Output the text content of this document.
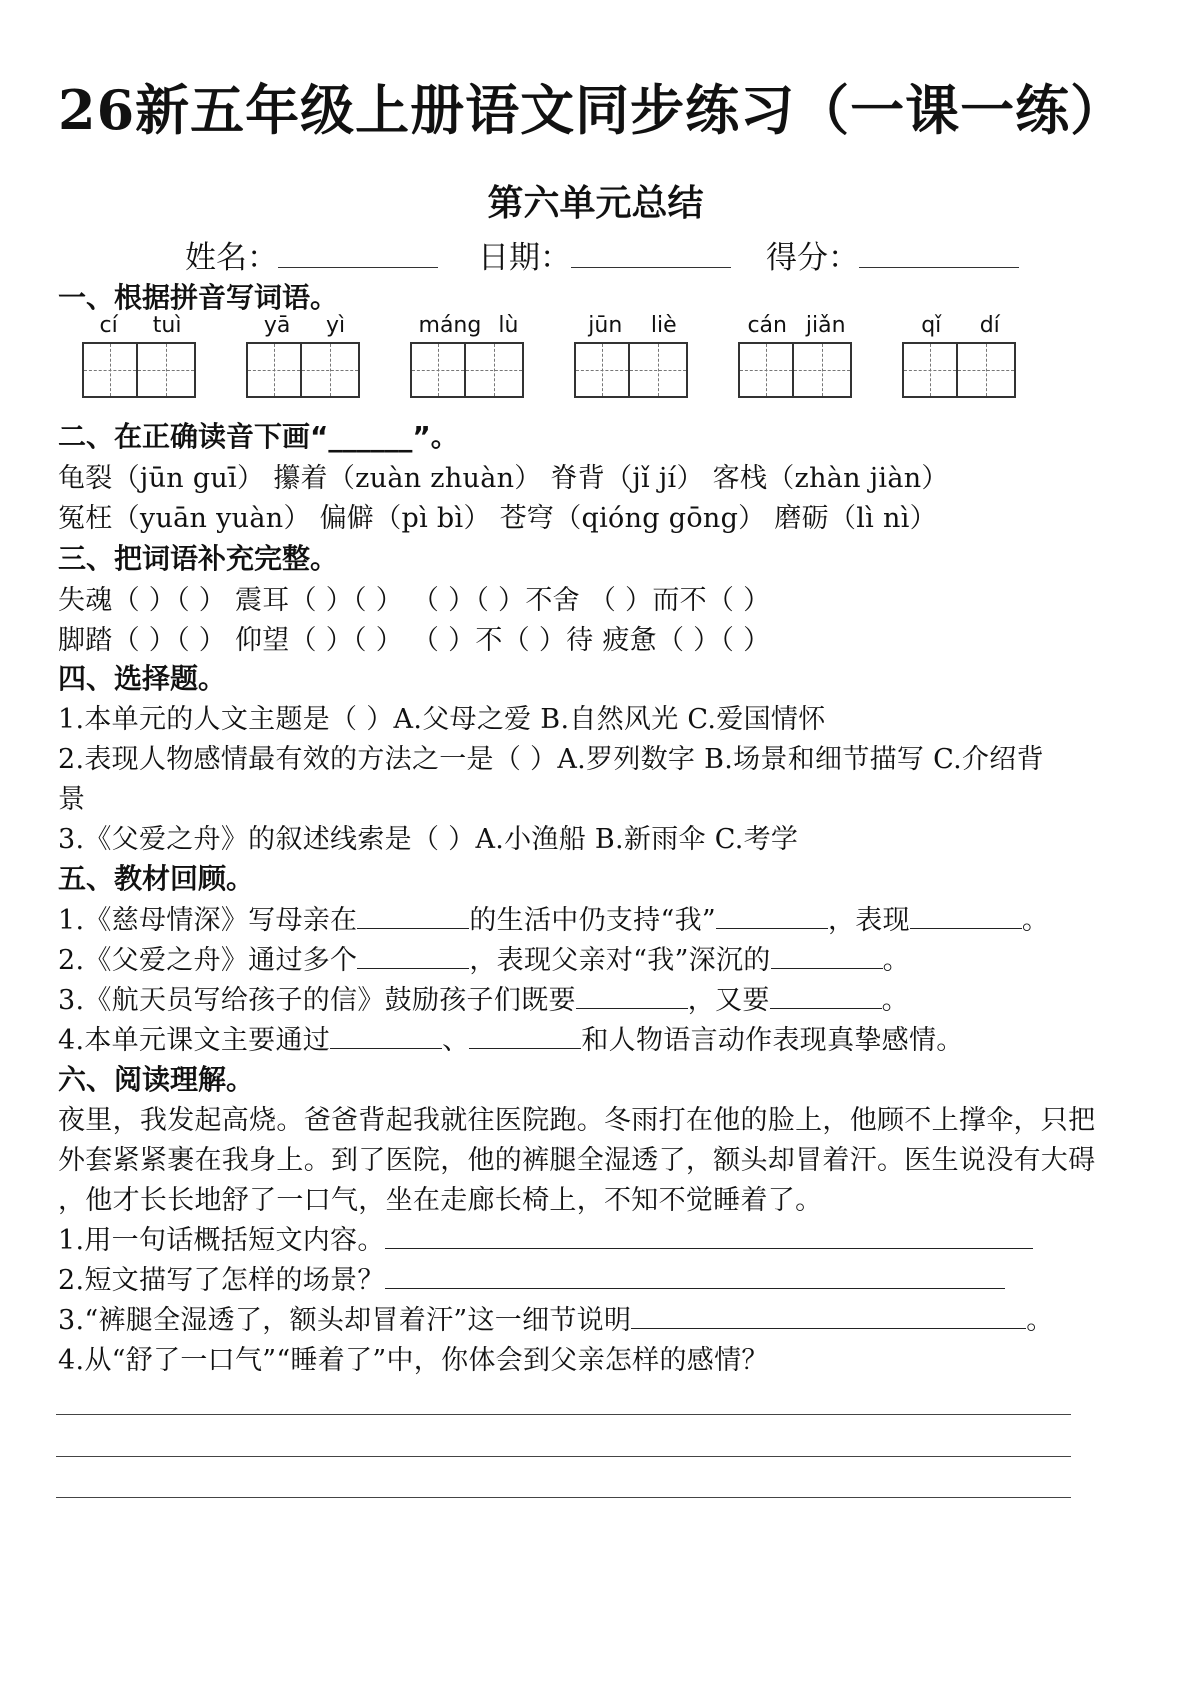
26新五年级上册语文同步练习（一课一练）
第六单元总结
姓名：	日期：	得分：
一、根据拼音写词语。
cí tuì	yā yì	máng lù	jūn liè	cán jiǎn	qǐ dí
二、在正确读音下画“______”。
龟裂（jūn guī） 攥着（zuàn zhuàn） 脊背（jǐ jí） 客栈（zhàn jiàn）
冤枉（yuān yuàn） 偏僻（pì bì） 苍穹（qióng gōng） 磨砺（lì nì）
三、把词语补充完整。
失魂（ ）（ ） 震耳（ ）（ ） （ ）（ ）不舍 （ ）而不（ ）
脚踏（ ）（ ） 仰望（ ）（ ） （ ）不（ ）待 疲惫（ ）（ ）
四、选择题。
1.本单元的人文主题是（ ）A.父母之爱 B.自然风光 C.爱国情怀
2.表现人物感情最有效的方法之一是（ ）A.罗列数字 B.场景和细节描写 C.介绍背
景
3.《父爱之舟》的叙述线索是（ ）A.小渔船 B.新雨伞 C.考学
五、教材回顾。
1.《慈母情深》写母亲在	的生活中仍支持“我”	，表现	。
2.《父爱之舟》通过多个	，表现父亲对“我”深沉的	。
3.《航天员写给孩子的信》鼓励孩子们既要	，又要	。
4.本单元课文主要通过	、	和人物语言动作表现真挚感情。
六、阅读理解。
夜里，我发起高烧。爸爸背起我就往医院跑。冬雨打在他的脸上，他顾不上撑伞，只把
外套紧紧裹在我身上。到了医院，他的裤腿全湿透了，额头却冒着汗。医生说没有大碍
，他才长长地舒了一口气，坐在走廊长椅上，不知不觉睡着了。
1.用一句话概括短文内容。
2.短文描写了怎样的场景？
3.“裤腿全湿透了，额头却冒着汗”这一细节说明	。
4.从“舒了一口气”“睡着了”中，你体会到父亲怎样的感情？
